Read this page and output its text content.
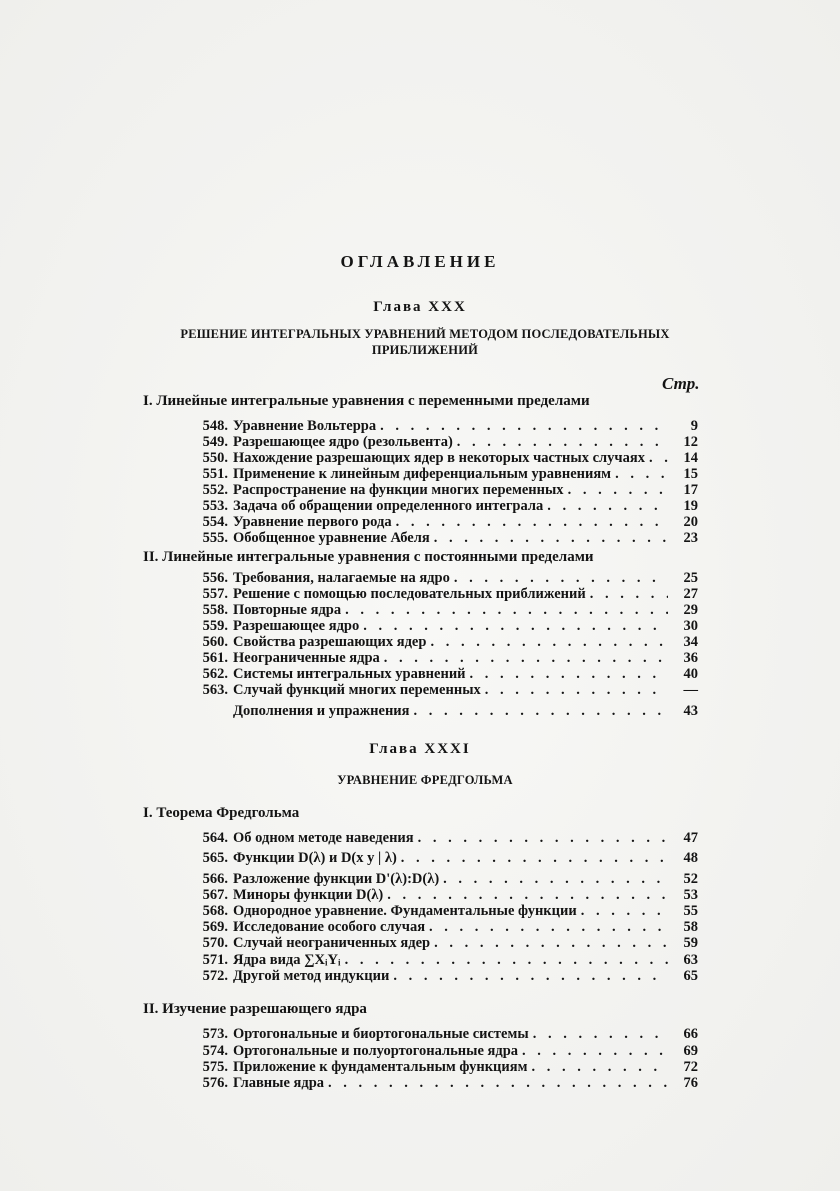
ОГЛАВЛЕНИЕ
Глава XXX
РЕШЕНИЕ ИНТЕГРАЛЬНЫХ УРАВНЕНИЙ МЕТОДОМ ПОСЛЕДОВАТЕЛЬНЫХ ПРИБЛИЖЕНИЙ
Стр.
I. Линейные интегральные уравнения с переменными пределами
548. Уравнение Вольтерра . . .	9
549. Разрешающее ядро (резольвента) . . .	12
550. Нахождение разрешающих ядер в некоторых частных случаях . . .	14
551. Применение к линейным диференциальным уравнениям . . .	15
552. Распространение на функции многих переменных . . .	17
553. Задача об обращении определенного интеграла . . .	19
554. Уравнение первого рода . . .	20
555. Обобщенное уравнение Абеля . . .	23
II. Линейные интегральные уравнения с постоянными пределами
556. Требования, налагаемые на ядро . . .	25
557. Решение с помощью последовательных приближений . . .	27
558. Повторные ядра . . .	29
559. Разрешающее ядро . . .	30
560. Свойства разрешающих ядер . . .	34
561. Неограниченные ядра . . .	36
562. Системы интегральных уравнений . . .	40
563. Случай функций многих переменных . . .	—
Дополнения и упражнения . . .	43
Глава XXXI
УРАВНЕНИЕ ФРЕДГОЛЬМА
I. Теорема Фредгольма
564. Об одном методе наведения . . .	47
565. Функции D(λ) и D(x y | λ) . . .	48
566. Разложение функции D'(λ):D(λ) . . .	52
567. Миноры функции D(λ) . . .	53
568. Однородное уравнение. Фундаментальные функции . . .	55
569. Исследование особого случая . . .	58
570. Случай неограниченных ядер . . .	59
571. Ядра вида ∑XᵢYᵢ . . .	63
572. Другой метод индукции . . .	65
II. Изучение разрешающего ядра
573. Ортогональные и биортогональные системы . . .	66
574. Ортогональные и полуортогональные ядра . . .	69
575. Приложение к фундаментальным функциям . . .	72
576. Главные ядра . . .	76
